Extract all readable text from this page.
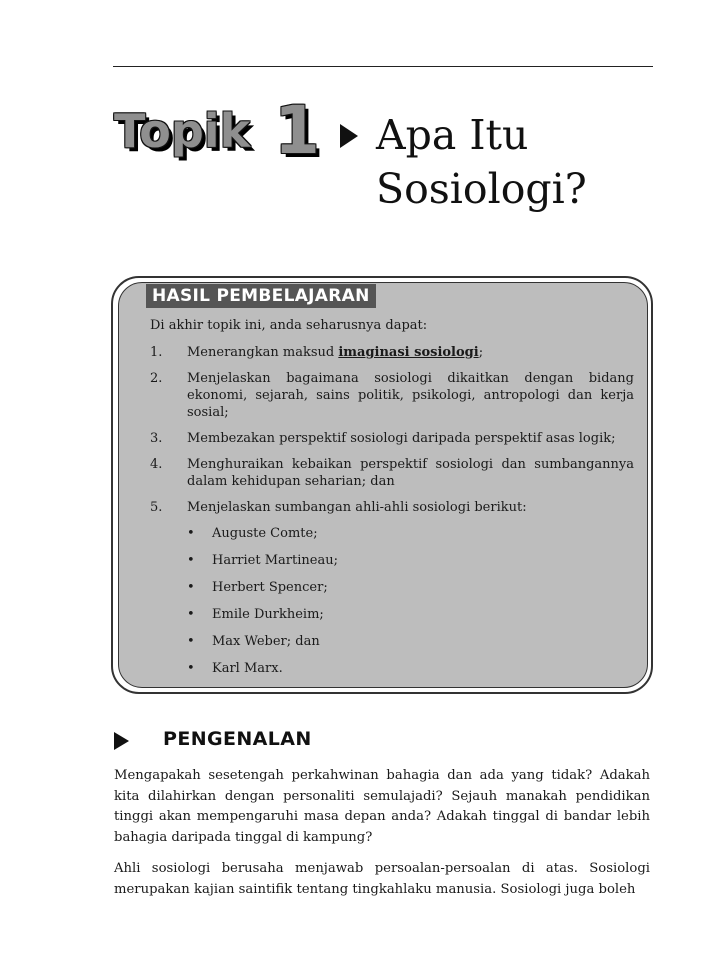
Topik 1 Apa Itu
Sosiologi?
HASIL PEMBELAJARAN
Di akhir topik ini, anda seharusnya dapat:
1. Menerangkan maksud imaginasi sosiologi;
2. Menjelaskan bagaimana sosiologi dikaitkan dengan bidang ekonomi, sejarah, sains politik, psikologi, antropologi dan kerja sosial;
3. Membezakan perspektif sosiologi daripada perspektif asas logik;
4. Menghuraikan kebaikan perspektif sosiologi dan sumbangannya dalam kehidupan seharian; dan
5. Menjelaskan sumbangan ahli-ahli sosiologi berikut:
• Auguste Comte;
• Harriet Martineau;
• Herbert Spencer;
• Emile Durkheim;
• Max Weber; dan
• Karl Marx.
PENGENALAN

Mengapakah sesetengah perkahwinan bahagia dan ada yang tidak? Adakah kita dilahirkan dengan personaliti semulajadi? Sejauh manakah pendidikan tinggi akan mempengaruhi masa depan anda? Adakah tinggal di bandar lebih bahagia daripada tinggal di kampung?

Ahli sosiologi berusaha menjawab persoalan-persoalan di atas. Sosiologi merupakan kajian saintifik tentang tingkahlaku manusia. Sosiologi juga boleh
